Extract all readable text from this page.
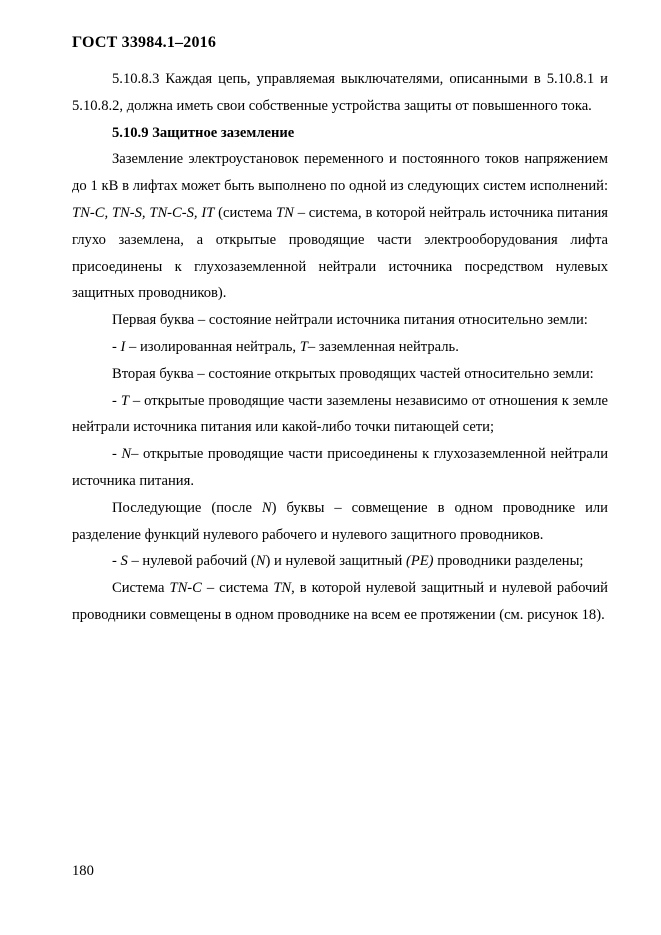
ГОСТ 33984.1–2016

5.10.8.3 Каждая цепь, управляемая выключателями, описанными в 5.10.8.1 и 5.10.8.2, должна иметь свои собственные устройства защиты от повышенного тока.

5.10.9 Защитное заземление

Заземление электроустановок переменного и постоянного токов напряжением до 1 кВ в лифтах может быть выполнено по одной из следующих систем исполнений: TN-C, TN-S, TN-C-S, IT (система TN – система, в которой нейтраль источника питания глухо заземлена, а открытые проводящие части электрооборудования лифта присоединены к глухозаземленной нейтрали источника посредством нулевых защитных проводников).

Первая буква – состояние нейтрали источника питания относительно земли:

- I – изолированная нейтраль, T– заземленная нейтраль.

Вторая буква – состояние открытых проводящих частей относительно земли:

- T – открытые проводящие части заземлены независимо от отношения к земле нейтрали источника питания или какой-либо точки питающей сети;

- N– открытые проводящие части присоединены к глухозаземленной нейтрали источника питания.

Последующие (после N) буквы – совмещение в одном проводнике или разделение функций нулевого рабочего и нулевого защитного проводников.

- S – нулевой рабочий (N) и нулевой защитный (PE) проводники разделены;

Система TN-C – система TN, в которой нулевой защитный и нулевой рабочий проводники совмещены в одном проводнике на всем ее протяжении (см. рисунок 18).

180
